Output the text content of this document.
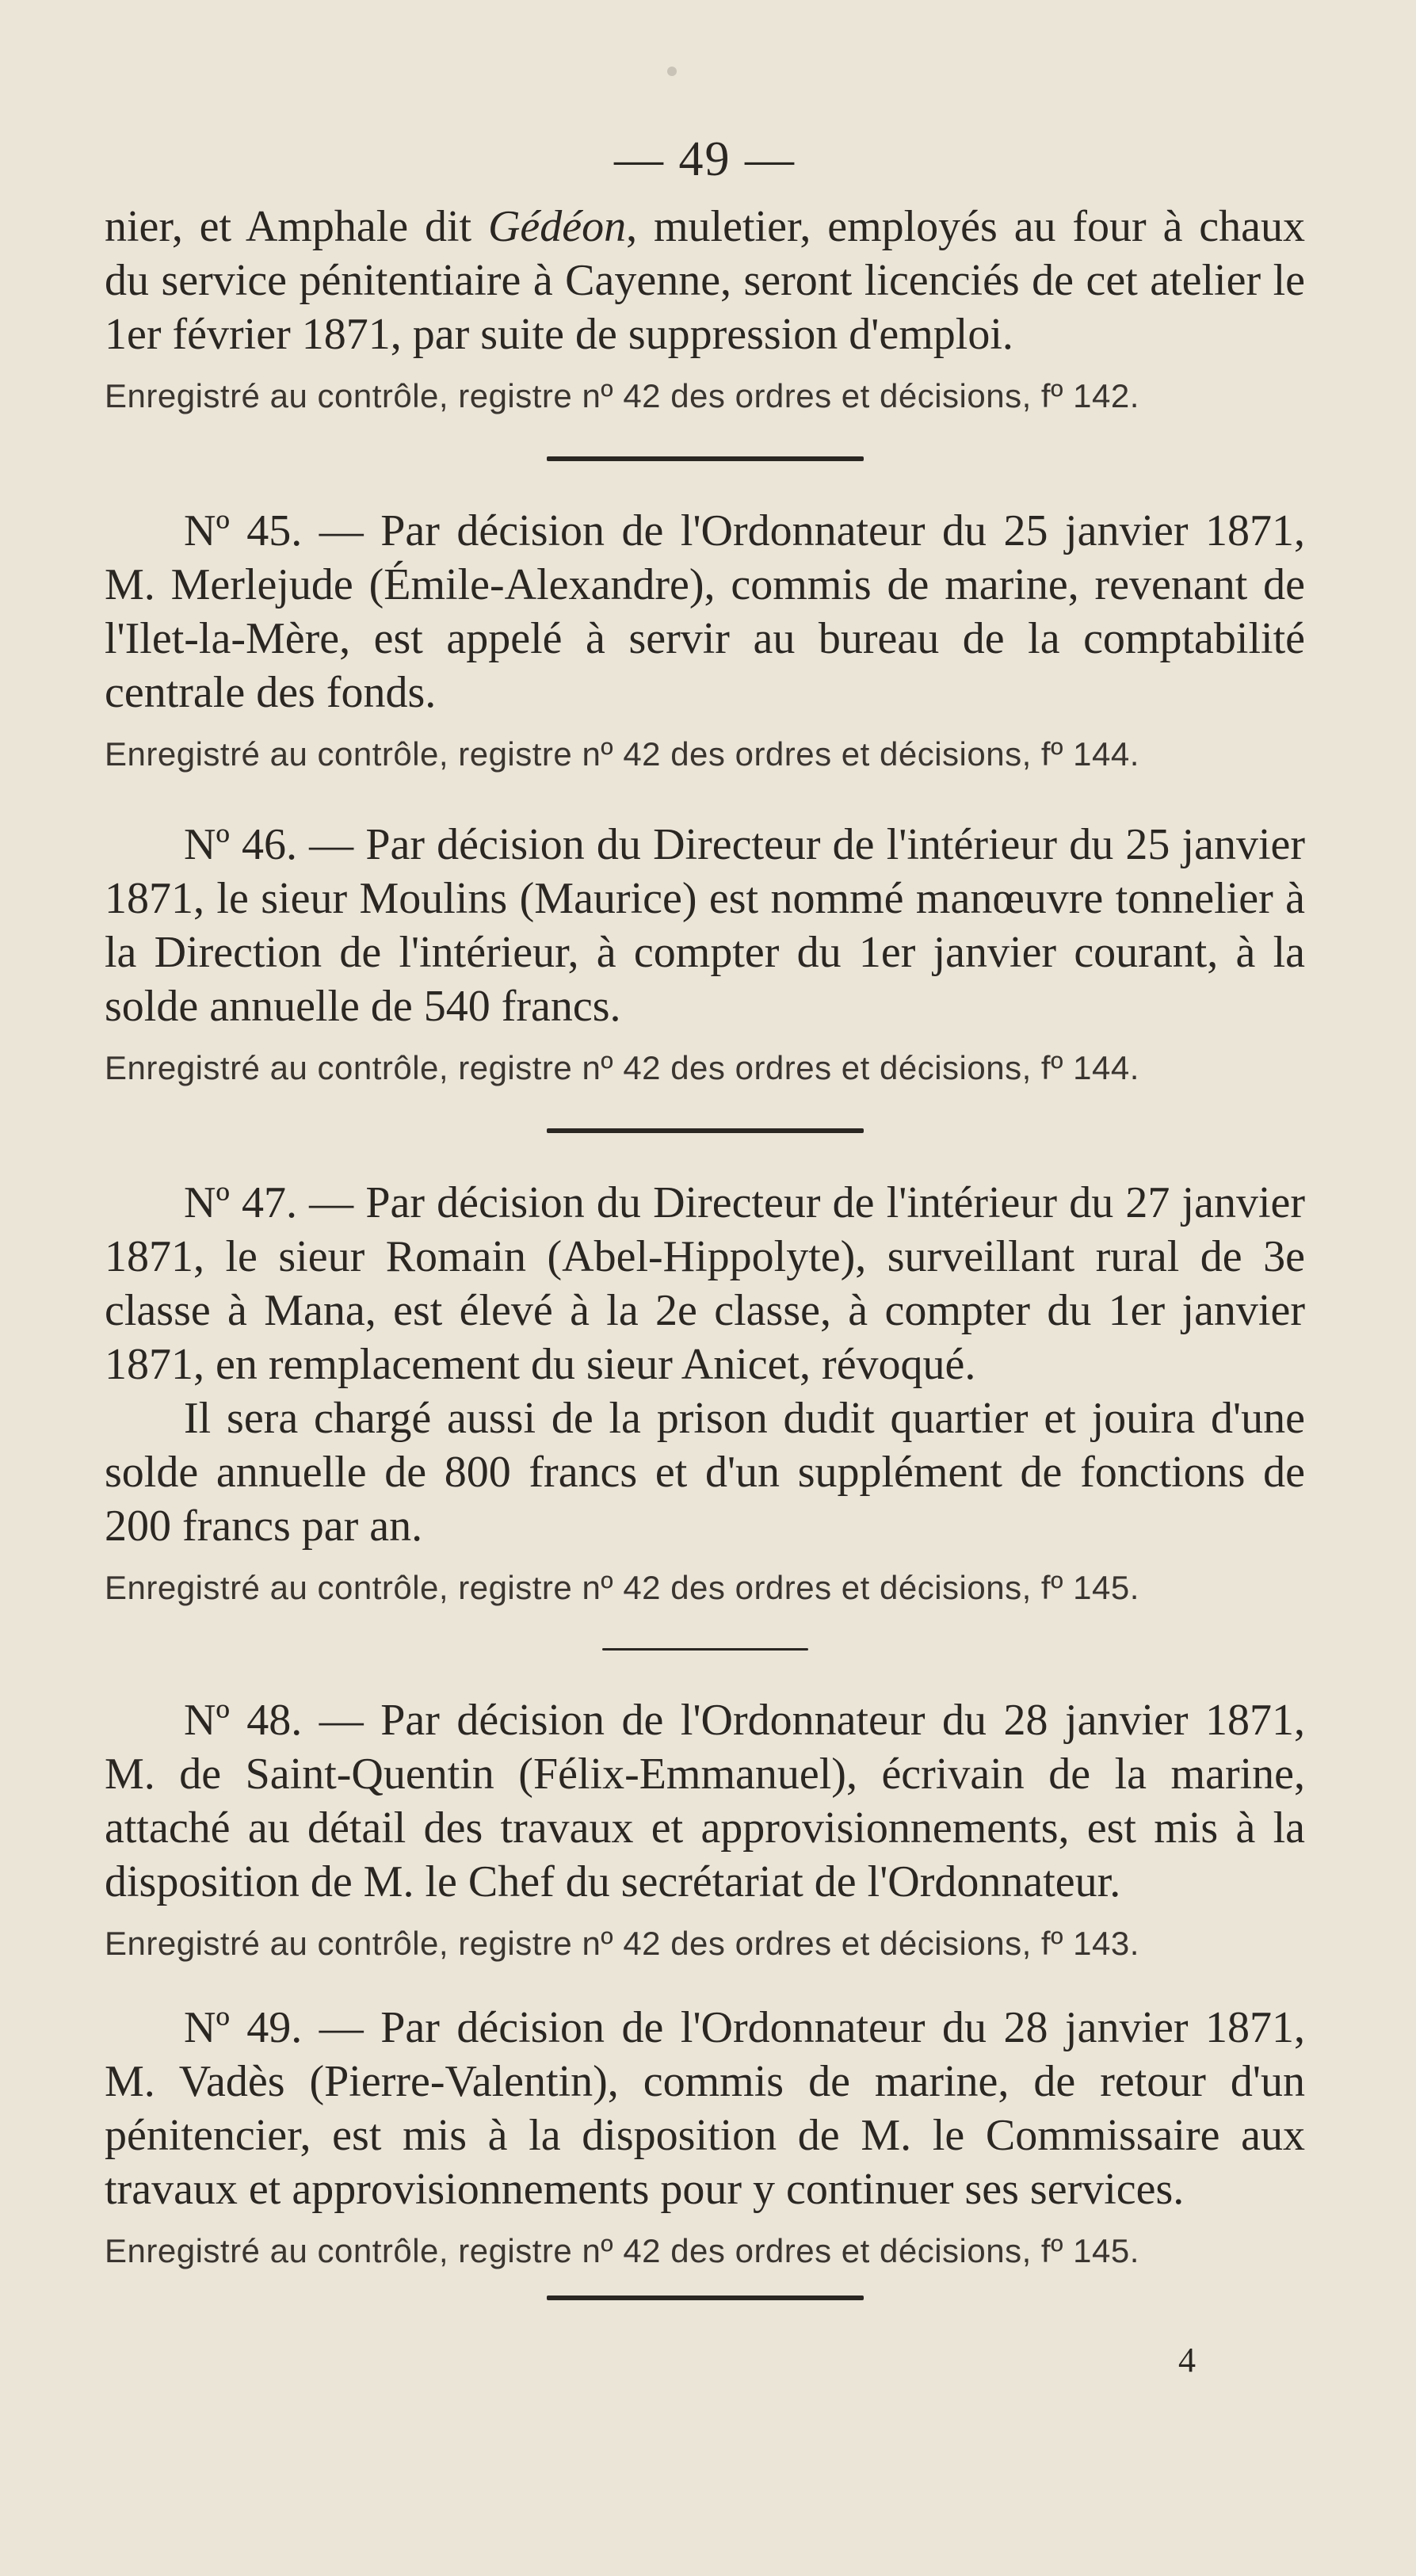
— 49 —

nier, et Amphale dit Gédéon, muletier, employés au four à chaux du service pénitentiaire à Cayenne, seront licenciés de cet atelier le 1er février 1871, par suite de suppression d'emploi.

Enregistré au contrôle, registre nº 42 des ordres et décisions, fº 142.

Nº 45. — Par décision de l'Ordonnateur du 25 janvier 1871, M. Merlejude (Émile-Alexandre), commis de marine, revenant de l'Ilet-la-Mère, est appelé à servir au bureau de la comptabilité centrale des fonds.

Enregistré au contrôle, registre nº 42 des ordres et décisions, fº 144.

Nº 46. — Par décision du Directeur de l'intérieur du 25 janvier 1871, le sieur Moulins (Maurice) est nommé manœuvre tonnelier à la Direction de l'intérieur, à compter du 1er janvier courant, à la solde annuelle de 540 francs.

Enregistré au contrôle, registre nº 42 des ordres et décisions, fº 144.

Nº 47. — Par décision du Directeur de l'intérieur du 27 janvier 1871, le sieur Romain (Abel-Hippolyte), surveillant rural de 3e classe à Mana, est élevé à la 2e classe, à compter du 1er janvier 1871, en remplacement du sieur Anicet, révoqué.

Il sera chargé aussi de la prison dudit quartier et jouira d'une solde annuelle de 800 francs et d'un supplément de fonctions de 200 francs par an.

Enregistré au contrôle, registre nº 42 des ordres et décisions, fº 145.

Nº 48. — Par décision de l'Ordonnateur du 28 janvier 1871, M. de Saint-Quentin (Félix-Emmanuel), écrivain de la marine, attaché au détail des travaux et approvisionnements, est mis à la disposition de M. le Chef du secrétariat de l'Ordonnateur.

Enregistré au contrôle, registre nº 42 des ordres et décisions, fº 143.

Nº 49. — Par décision de l'Ordonnateur du 28 janvier 1871, M. Vadès (Pierre-Valentin), commis de marine, de retour d'un pénitencier, est mis à la disposition de M. le Commissaire aux travaux et approvisionnements pour y continuer ses services.

Enregistré au contrôle, registre nº 42 des ordres et décisions, fº 145.

4
